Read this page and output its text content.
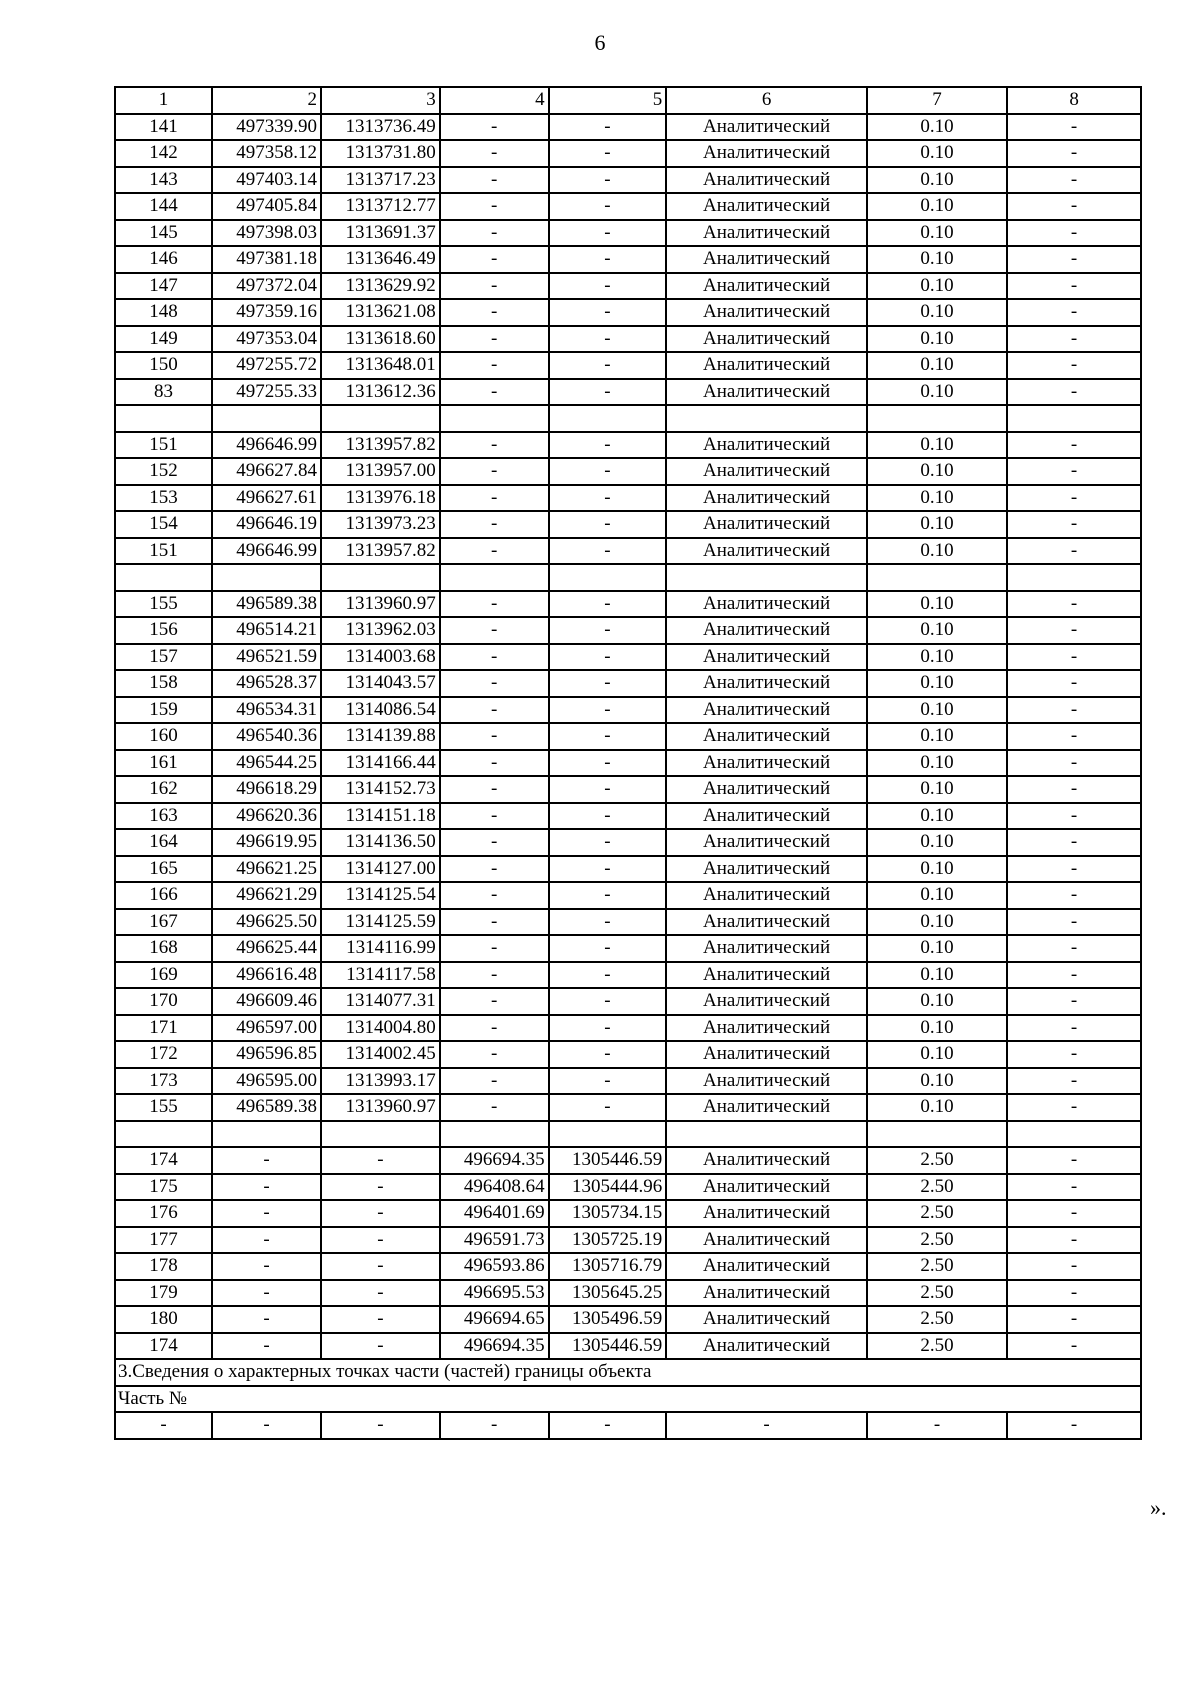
6
1	2	3	4	5	6	7	8
141	497339.90	1313736.49	-	-	Аналитический	0.10	-
142	497358.12	1313731.80	-	-	Аналитический	0.10	-
143	497403.14	1313717.23	-	-	Аналитический	0.10	-
144	497405.84	1313712.77	-	-	Аналитический	0.10	-
145	497398.03	1313691.37	-	-	Аналитический	0.10	-
146	497381.18	1313646.49	-	-	Аналитический	0.10	-
147	497372.04	1313629.92	-	-	Аналитический	0.10	-
148	497359.16	1313621.08	-	-	Аналитический	0.10	-
149	497353.04	1313618.60	-	-	Аналитический	0.10	-
150	497255.72	1313648.01	-	-	Аналитический	0.10	-
83	497255.33	1313612.36	-	-	Аналитический	0.10	-

151	496646.99	1313957.82	-	-	Аналитический	0.10	-
152	496627.84	1313957.00	-	-	Аналитический	0.10	-
153	496627.61	1313976.18	-	-	Аналитический	0.10	-
154	496646.19	1313973.23	-	-	Аналитический	0.10	-
151	496646.99	1313957.82	-	-	Аналитический	0.10	-

155	496589.38	1313960.97	-	-	Аналитический	0.10	-
156	496514.21	1313962.03	-	-	Аналитический	0.10	-
157	496521.59	1314003.68	-	-	Аналитический	0.10	-
158	496528.37	1314043.57	-	-	Аналитический	0.10	-
159	496534.31	1314086.54	-	-	Аналитический	0.10	-
160	496540.36	1314139.88	-	-	Аналитический	0.10	-
161	496544.25	1314166.44	-	-	Аналитический	0.10	-
162	496618.29	1314152.73	-	-	Аналитический	0.10	-
163	496620.36	1314151.18	-	-	Аналитический	0.10	-
164	496619.95	1314136.50	-	-	Аналитический	0.10	-
165	496621.25	1314127.00	-	-	Аналитический	0.10	-
166	496621.29	1314125.54	-	-	Аналитический	0.10	-
167	496625.50	1314125.59	-	-	Аналитический	0.10	-
168	496625.44	1314116.99	-	-	Аналитический	0.10	-
169	496616.48	1314117.58	-	-	Аналитический	0.10	-
170	496609.46	1314077.31	-	-	Аналитический	0.10	-
171	496597.00	1314004.80	-	-	Аналитический	0.10	-
172	496596.85	1314002.45	-	-	Аналитический	0.10	-
173	496595.00	1313993.17	-	-	Аналитический	0.10	-
155	496589.38	1313960.97	-	-	Аналитический	0.10	-

174	-	-	496694.35	1305446.59	Аналитический	2.50	-
175	-	-	496408.64	1305444.96	Аналитический	2.50	-
176	-	-	496401.69	1305734.15	Аналитический	2.50	-
177	-	-	496591.73	1305725.19	Аналитический	2.50	-
178	-	-	496593.86	1305716.79	Аналитический	2.50	-
179	-	-	496695.53	1305645.25	Аналитический	2.50	-
180	-	-	496694.65	1305496.59	Аналитический	2.50	-
174	-	-	496694.35	1305446.59	Аналитический	2.50	-
3.Сведения о характерных точках части (частей) границы объекта							
Часть №							
-	-	-	-	-	-	-	-
».
